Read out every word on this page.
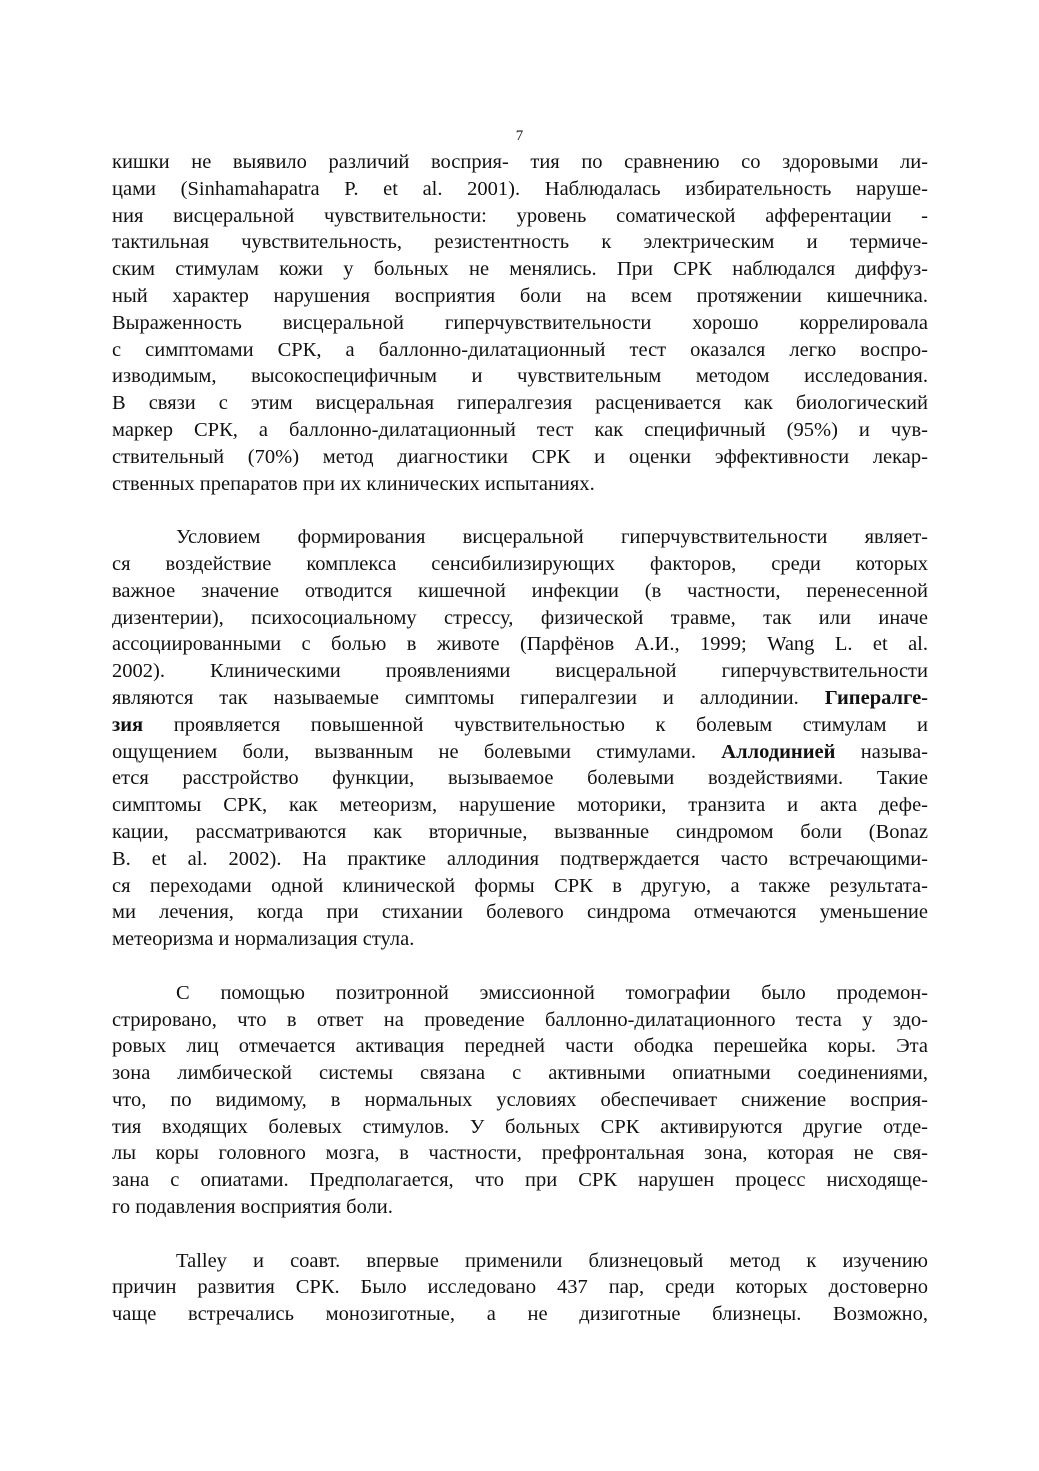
7
кишки не выявило различий восприя- тия по сравнению со здоровыми ли-
цами (Sinhamahapatra P. et al. 2001). Наблюдалась избирательность наруше-
ния висцеральной чувствительности: уровень соматической афферентации -
тактильная чувствительность, резистентность к электрическим и термиче-
ским стимулам кожи у больных не менялись. При СРК наблюдался диффуз-
ный характер нарушения восприятия боли на всем протяжении кишечника.
Выраженность висцеральной гиперчувствительности хорошо коррелировала
с симптомами СРК, а баллонно-дилатационный тест оказался легко воспро-
изводимым, высокоспецифичным и чувствительным методом исследования.
В связи с этим висцеральная гипералгезия расценивается как биологический
маркер СРК, а баллонно-дилатационный тест как специфичный (95%) и чув-
ствительный (70%) метод диагностики СРК и оценки эффективности лекар-
ственных препаратов при их клинических испытаниях.
Условием формирования висцеральной гиперчувствительности являет-
ся воздействие комплекса сенсибилизирующих факторов, среди которых
важное значение отводится кишечной инфекции (в частности, перенесенной
дизентерии), психосоциальному стрессу, физической травме, так или иначе
ассоциированными с болью в животе (Парфёнов А.И., 1999; Wang L. et al.
2002). Клиническими проявлениями висцеральной гиперчувствительности
являются так называемые симптомы гипералгезии и аллодинии. Гипералге-
зия проявляется повышенной чувствительностью к болевым стимулам и
ощущением боли, вызванным не болевыми стимулами. Аллодинией называ-
ется расстройство функции, вызываемое болевыми воздействиями. Такие
симптомы СРК, как метеоризм, нарушение моторики, транзита и акта дефе-
кации, рассматриваются как вторичные, вызванные синдромом боли (Bonaz
B. et al. 2002). На практике аллодиния подтверждается часто встречающими-
ся переходами одной клинической формы СРК в другую, а также результата-
ми лечения, когда при стихании болевого синдрома отмечаются уменьшение
метеоризма и нормализация стула.
С помощью позитронной эмиссионной томографии было продемон-
стрировано, что в ответ на проведение баллонно-дилатационного теста у здо-
ровых лиц отмечается активация передней части ободка перешейка коры. Эта
зона лимбической системы связана с активными опиатными соединениями,
что, по видимому, в нормальных условиях обеспечивает снижение восприя-
тия входящих болевых стимулов. У больных СРК активируются другие отде-
лы коры головного мозга, в частности, префронтальная зона, которая не свя-
зана с опиатами. Предполагается, что при СРК нарушен процесс нисходяще-
го подавления восприятия боли.
Talley и соавт. впервые применили близнецовый метод к изучению
причин развития СРК. Было исследовано 437 пар, среди которых достоверно
чаще встречались монозиготные, а не дизиготные близнецы. Возможно,
